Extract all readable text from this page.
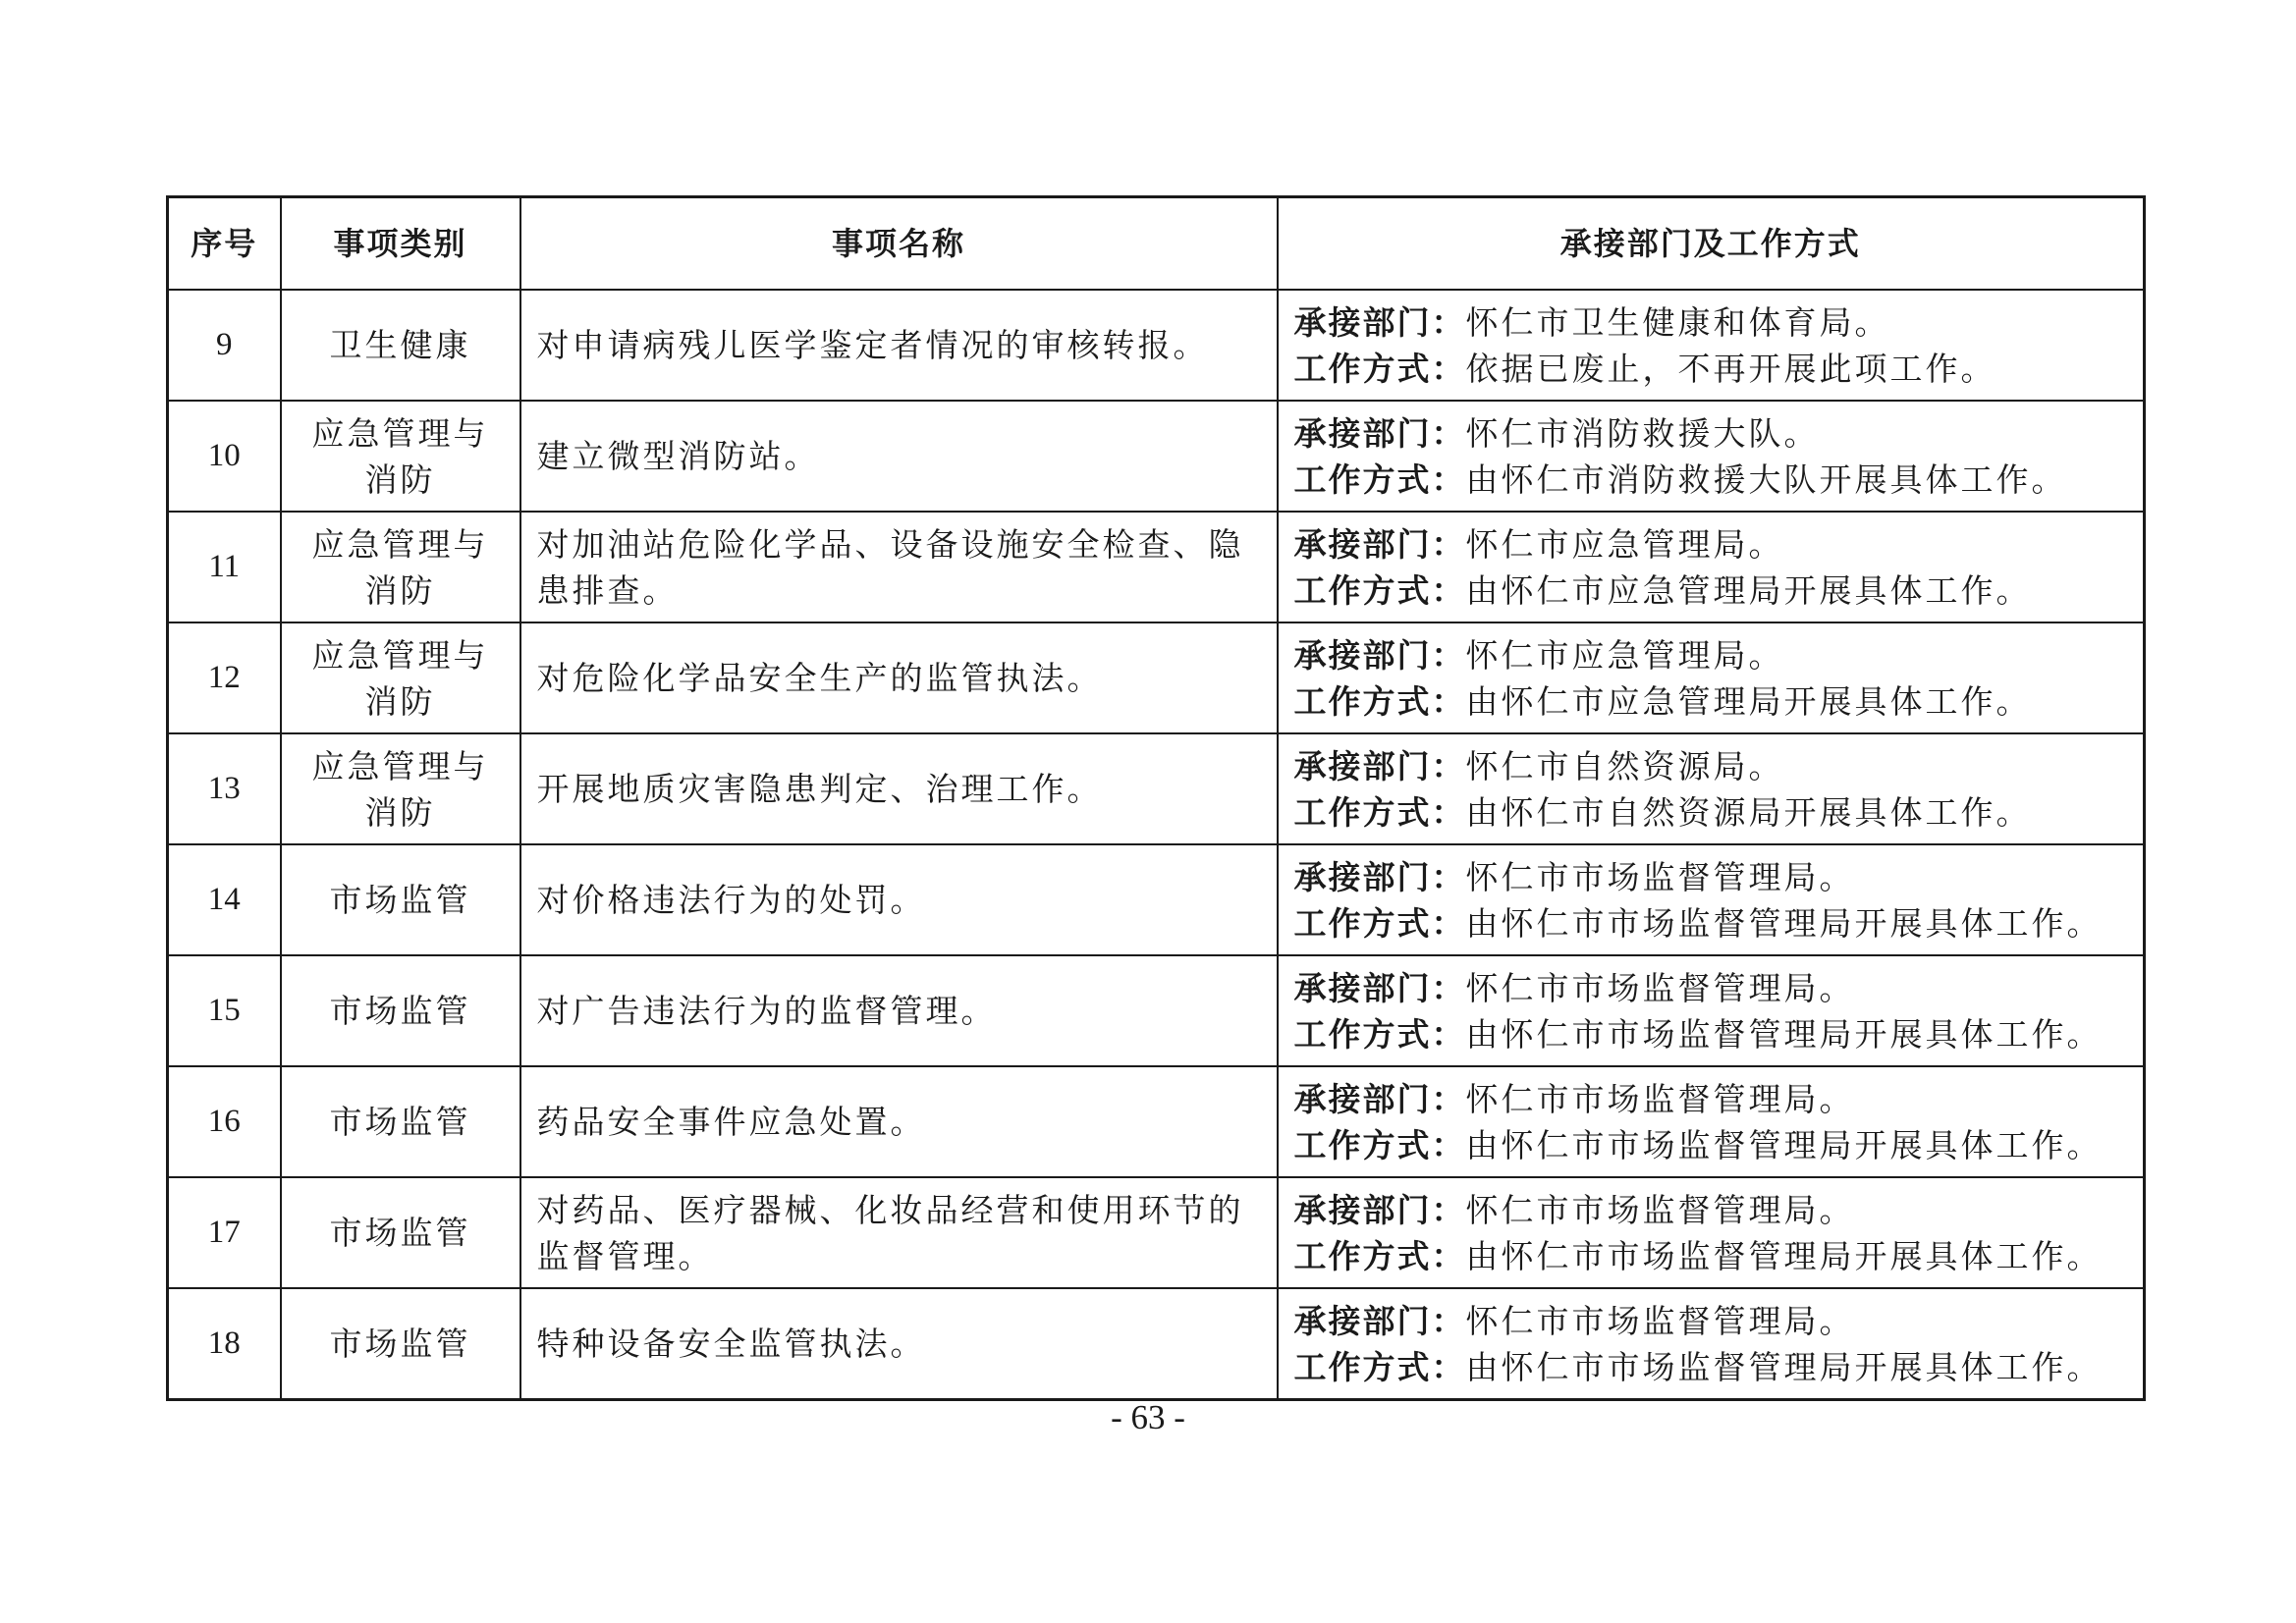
序号	事项类别	事项名称	承接部门及工作方式
9	卫生健康	对申请病残儿医学鉴定者情况的审核转报。	承接部门：怀仁市卫生健康和体育局。
工作方式：依据已废止，不再开展此项工作。

10	应急管理与消防	建立微型消防站。	承接部门：怀仁市消防救援大队。
工作方式：由怀仁市消防救援大队开展具体工作。

11	应急管理与消防	对加油站危险化学品、设备设施安全检查、隐患排查。	承接部门：怀仁市应急管理局。
工作方式：由怀仁市应急管理局开展具体工作。

12	应急管理与消防	对危险化学品安全生产的监管执法。	承接部门：怀仁市应急管理局。
工作方式：由怀仁市应急管理局开展具体工作。

13	应急管理与消防	开展地质灾害隐患判定、治理工作。	承接部门：怀仁市自然资源局。
工作方式：由怀仁市自然资源局开展具体工作。

14	市场监管	对价格违法行为的处罚。	承接部门：怀仁市市场监督管理局。
工作方式：由怀仁市市场监督管理局开展具体工作。

15	市场监管	对广告违法行为的监督管理。	承接部门：怀仁市市场监督管理局。
工作方式：由怀仁市市场监督管理局开展具体工作。

16	市场监管	药品安全事件应急处置。	承接部门：怀仁市市场监督管理局。
工作方式：由怀仁市市场监督管理局开展具体工作。

17	市场监管	对药品、医疗器械、化妆品经营和使用环节的监督管理。	承接部门：怀仁市市场监督管理局。
工作方式：由怀仁市市场监督管理局开展具体工作。

18	市场监管	特种设备安全监管执法。	承接部门：怀仁市市场监督管理局。
工作方式：由怀仁市市场监督管理局开展具体工作。
- 63 -
